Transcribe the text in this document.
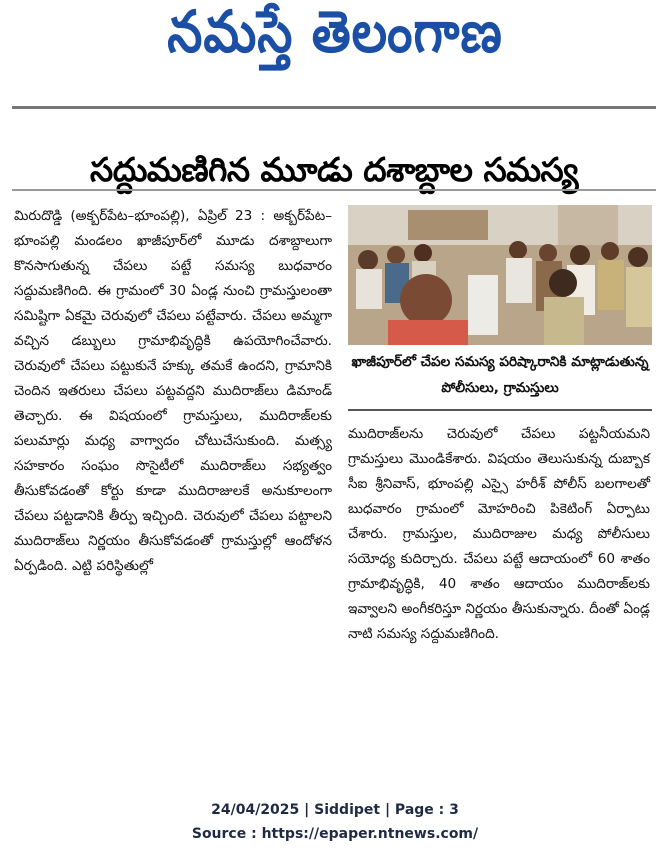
నమస్తే తెలంగాణ
సద్దుమణిగిన మూడు దశాబ్దాల సమస్య

మిరుదొడ్డి (అక్బర్‌పేట–భూంపల్లి), ఏప్రిల్ 23 : అక్బర్‌పేట–భూంపల్లి మండలం ఖాజీపూర్‌లో మూడు దశాబ్దాలుగా కొనసాగుతున్న చేపలు పట్టే సమస్య బుధవారం సద్దుమణిగింది. ఈ గ్రామంలో 30 ఏండ్ల నుంచి గ్రామస్తులంతా సమిష్టిగా ఏకమై చెరువులో చేపలు పట్టేవారు. చేపలు అమ్మగా వచ్చిన డబ్బులు గ్రామాభివృద్ధికి ఉపయోగించేవారు. చెరువులో చేపలు పట్టుకునే హక్కు తమకే ఉందని, గ్రామానికి చెందిన ఇతరులు చేపలు పట్టవద్దని ముదిరాజ్‌లు డిమాండ్ తెచ్చారు. ఈ విషయంలో గ్రామస్తులు, ముదిరాజ్‌లకు పలుమార్లు మధ్య వాగ్వాదం చోటుచేసుకుంది. మత్స్య సహకారం సంఘం సొసైటీలో ముదిరాజ్‌లు సభ్యత్వం తీసుకోవడంతో కోర్టు కూడా ముదిరాజులకే అనుకూలంగా చేపలు పట్టడానికి తీర్పు ఇచ్చింది. చెరువులో చేపలు పట్టాలని ముదిరాజ్‌లు నిర్ణయం తీసుకోవడంతో గ్రామస్తుల్లో ఆందోళన ఏర్పడింది. ఎట్టి పరిస్థితుల్లో

ఖాజీపూర్‌లో చేపల సమస్య పరిష్కారానికి మాట్లాడుతున్న పోలీసులు, గ్రామస్తులు

ముదిరాజ్‌లను చెరువులో చేపలు పట్టనీయమని గ్రామస్తులు మొండికేశారు. విషయం తెలుసుకున్న దుబ్బాక సీఐ శ్రీనివాస్, భూంపల్లి ఎస్సై హరీశ్ పోలీస్ బలగాలతో బుధవారం గ్రామంలో మోహరించి పికెటింగ్ ఏర్పాటు చేశారు. గ్రామస్తుల, ముదిరాజుల మధ్య పోలీసులు సయోధ్య కుదిర్చారు. చేపలు పట్టే ఆదాయంలో 60 శాతం గ్రామాభివృద్ధికి, 40 శాతం ఆదాయం ముదిరాజ్‌లకు ఇవ్వాలని అంగీకరిస్తూ నిర్ణయం తీసుకున్నారు. దీంతో ఏండ్ల నాటి సమస్య సద్దుమణిగింది.

24/04/2025 | Siddipet | Page : 3
Source : https://epaper.ntnews.com/
